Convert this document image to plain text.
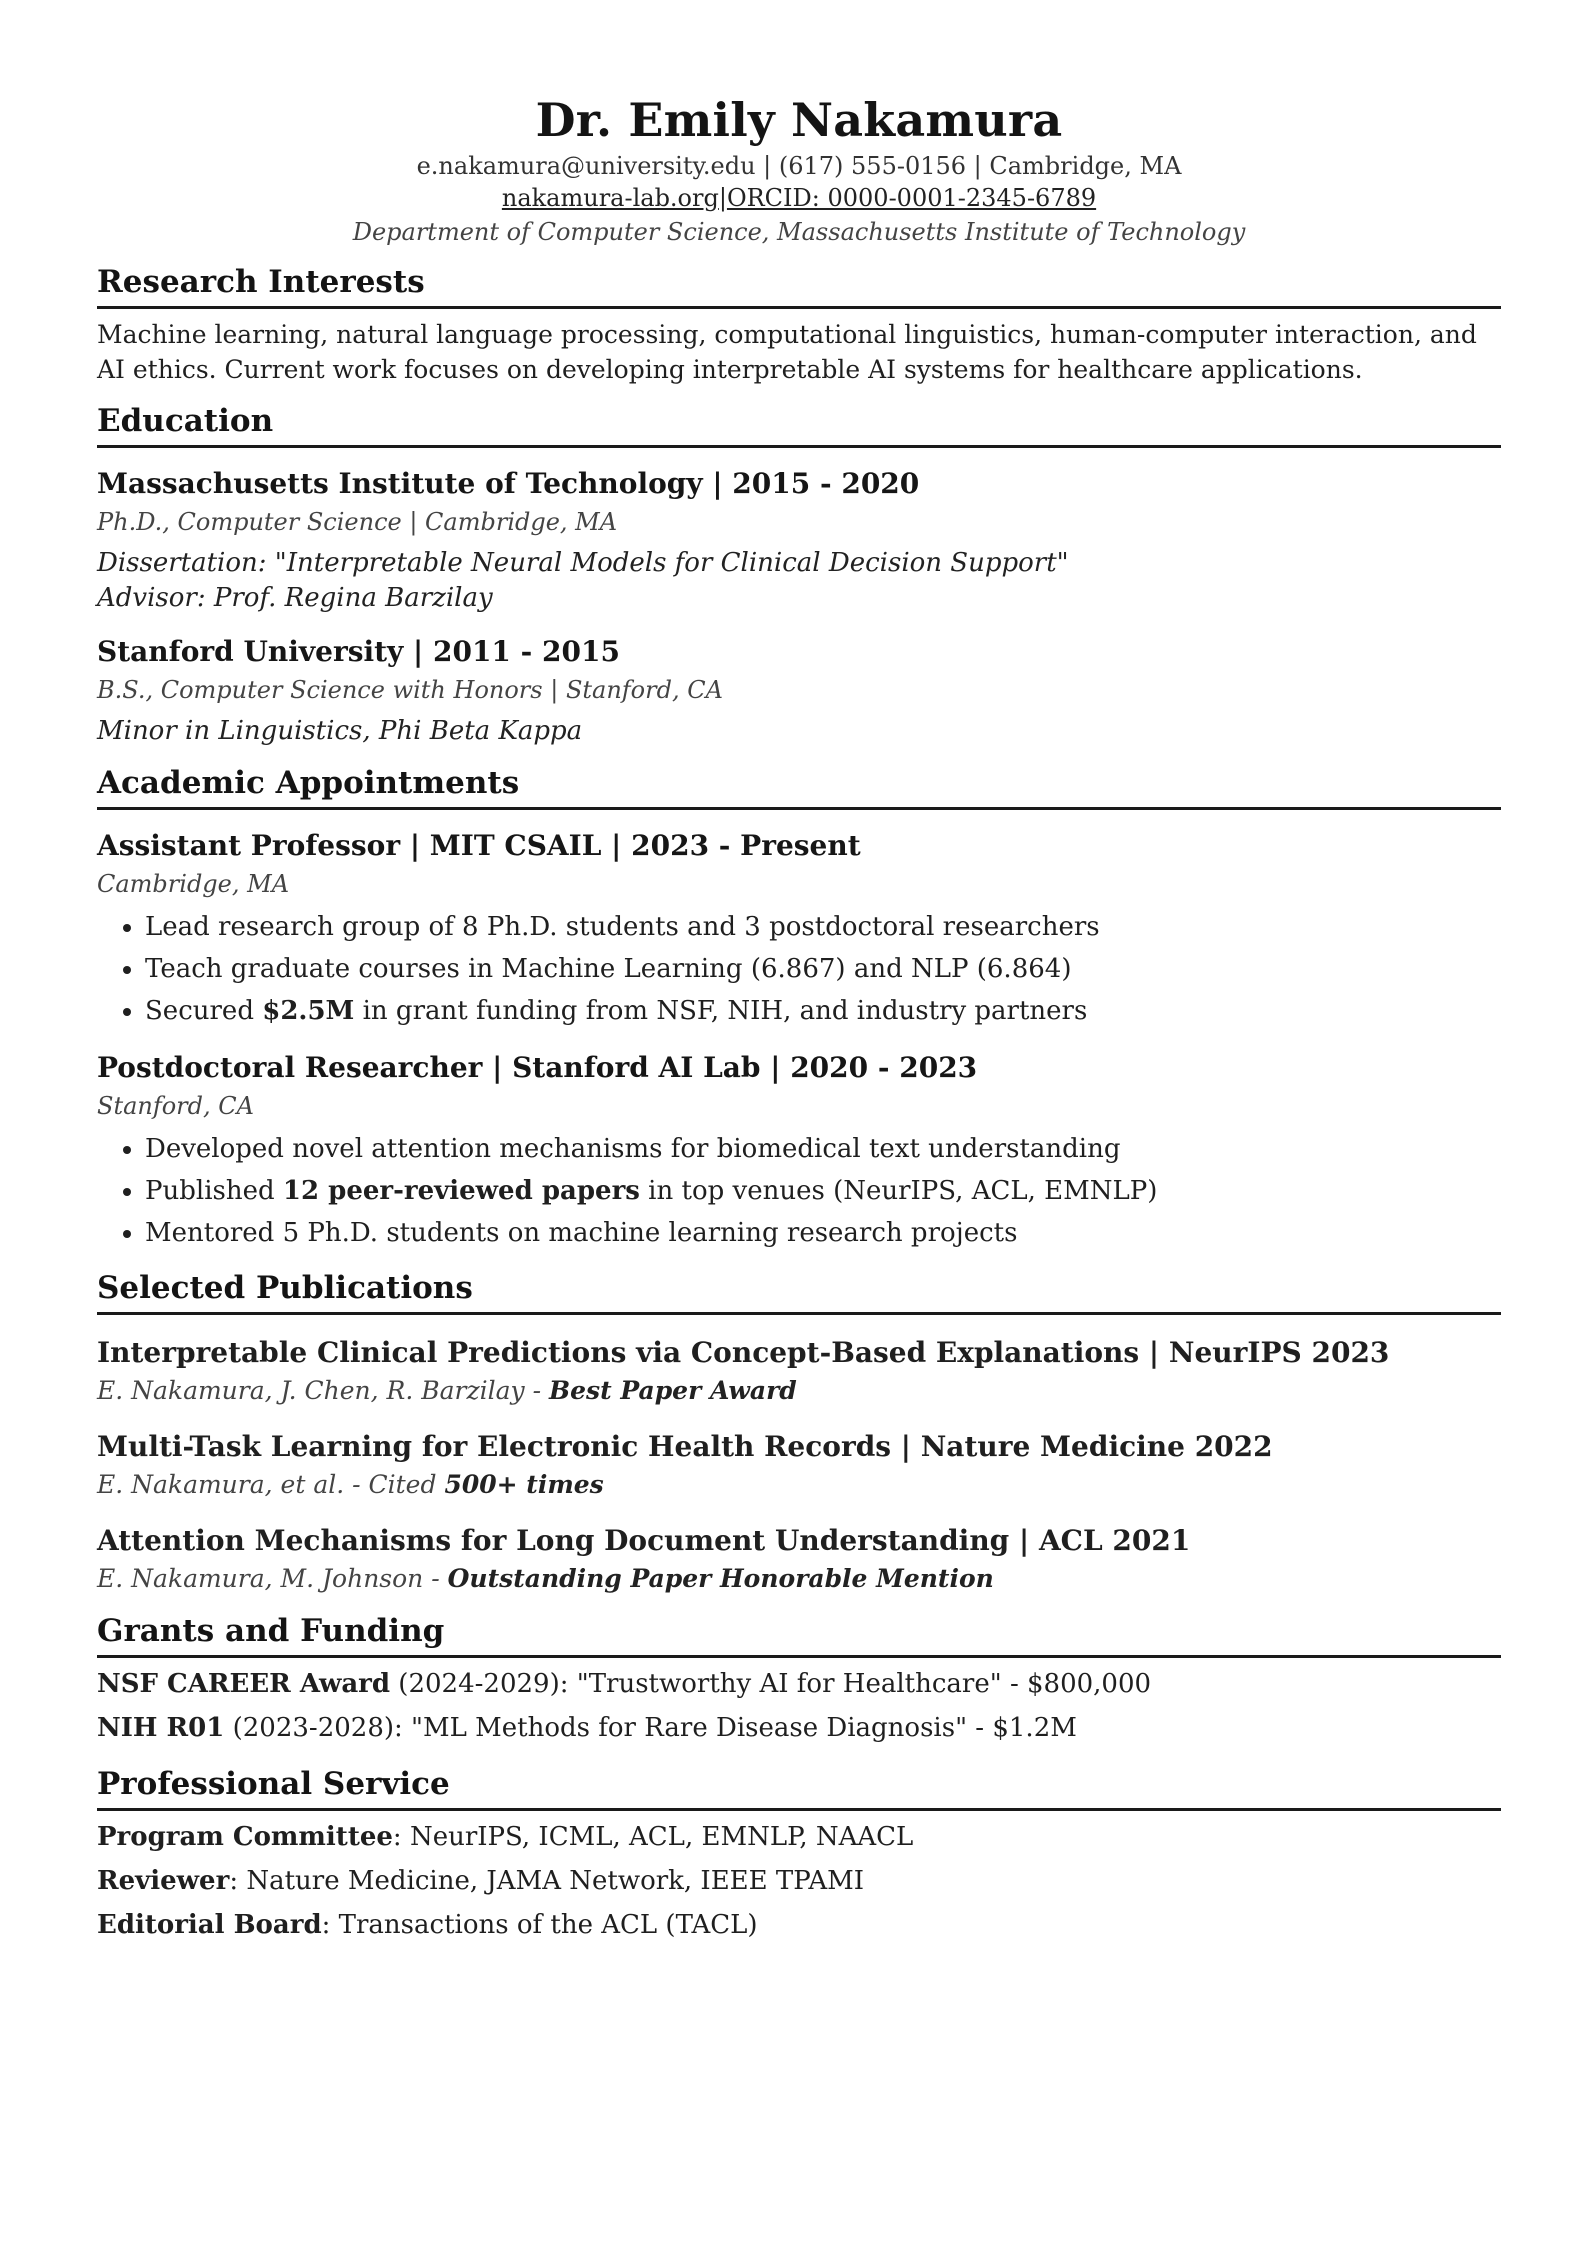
Dr. Emily Nakamura
e.nakamura@university.edu | (617) 555-0156 | Cambridge, MA
nakamura-lab.org|ORCID: 0000-0001-2345-6789
Department of Computer Science, Massachusetts Institute of Technology
Research Interests

Machine learning, natural language processing, computational linguistics, human-computer interaction, and AI ethics. Current work focuses on developing interpretable AI systems for healthcare applications.

Education
Massachusetts Institute of Technology | 2015 - 2020
Ph.D., Computer Science | Cambridge, MA
Dissertation: "Interpretable Neural Models for Clinical Decision Support"
Advisor: Prof. Regina Barzilay
Stanford University | 2011 - 2015
B.S., Computer Science with Honors | Stanford, CA
Minor in Linguistics, Phi Beta Kappa
Academic Appointments
Assistant Professor | MIT CSAIL | 2023 - Present
Cambridge, MA
• Lead research group of 8 Ph.D. students and 3 postdoctoral researchers
• Teach graduate courses in Machine Learning (6.867) and NLP (6.864)
• Secured $2.5M in grant funding from NSF, NIH, and industry partners
Postdoctoral Researcher | Stanford AI Lab | 2020 - 2023
Stanford, CA
• Developed novel attention mechanisms for biomedical text understanding
• Published 12 peer-reviewed papers in top venues (NeurIPS, ACL, EMNLP)
• Mentored 5 Ph.D. students on machine learning research projects
Selected Publications
Interpretable Clinical Predictions via Concept-Based Explanations | NeurIPS 2023
E. Nakamura, J. Chen, R. Barzilay - Best Paper Award
Multi-Task Learning for Electronic Health Records | Nature Medicine 2022
E. Nakamura, et al. - Cited 500+ times
Attention Mechanisms for Long Document Understanding | ACL 2021
E. Nakamura, M. Johnson - Outstanding Paper Honorable Mention
Grants and Funding
NSF CAREER Award (2024-2029): "Trustworthy AI for Healthcare" - $800,000
NIH R01 (2023-2028): "ML Methods for Rare Disease Diagnosis" - $1.2M
Professional Service
Program Committee: NeurIPS, ICML, ACL, EMNLP, NAACL
Reviewer: Nature Medicine, JAMA Network, IEEE TPAMI
Editorial Board: Transactions of the ACL (TACL)
